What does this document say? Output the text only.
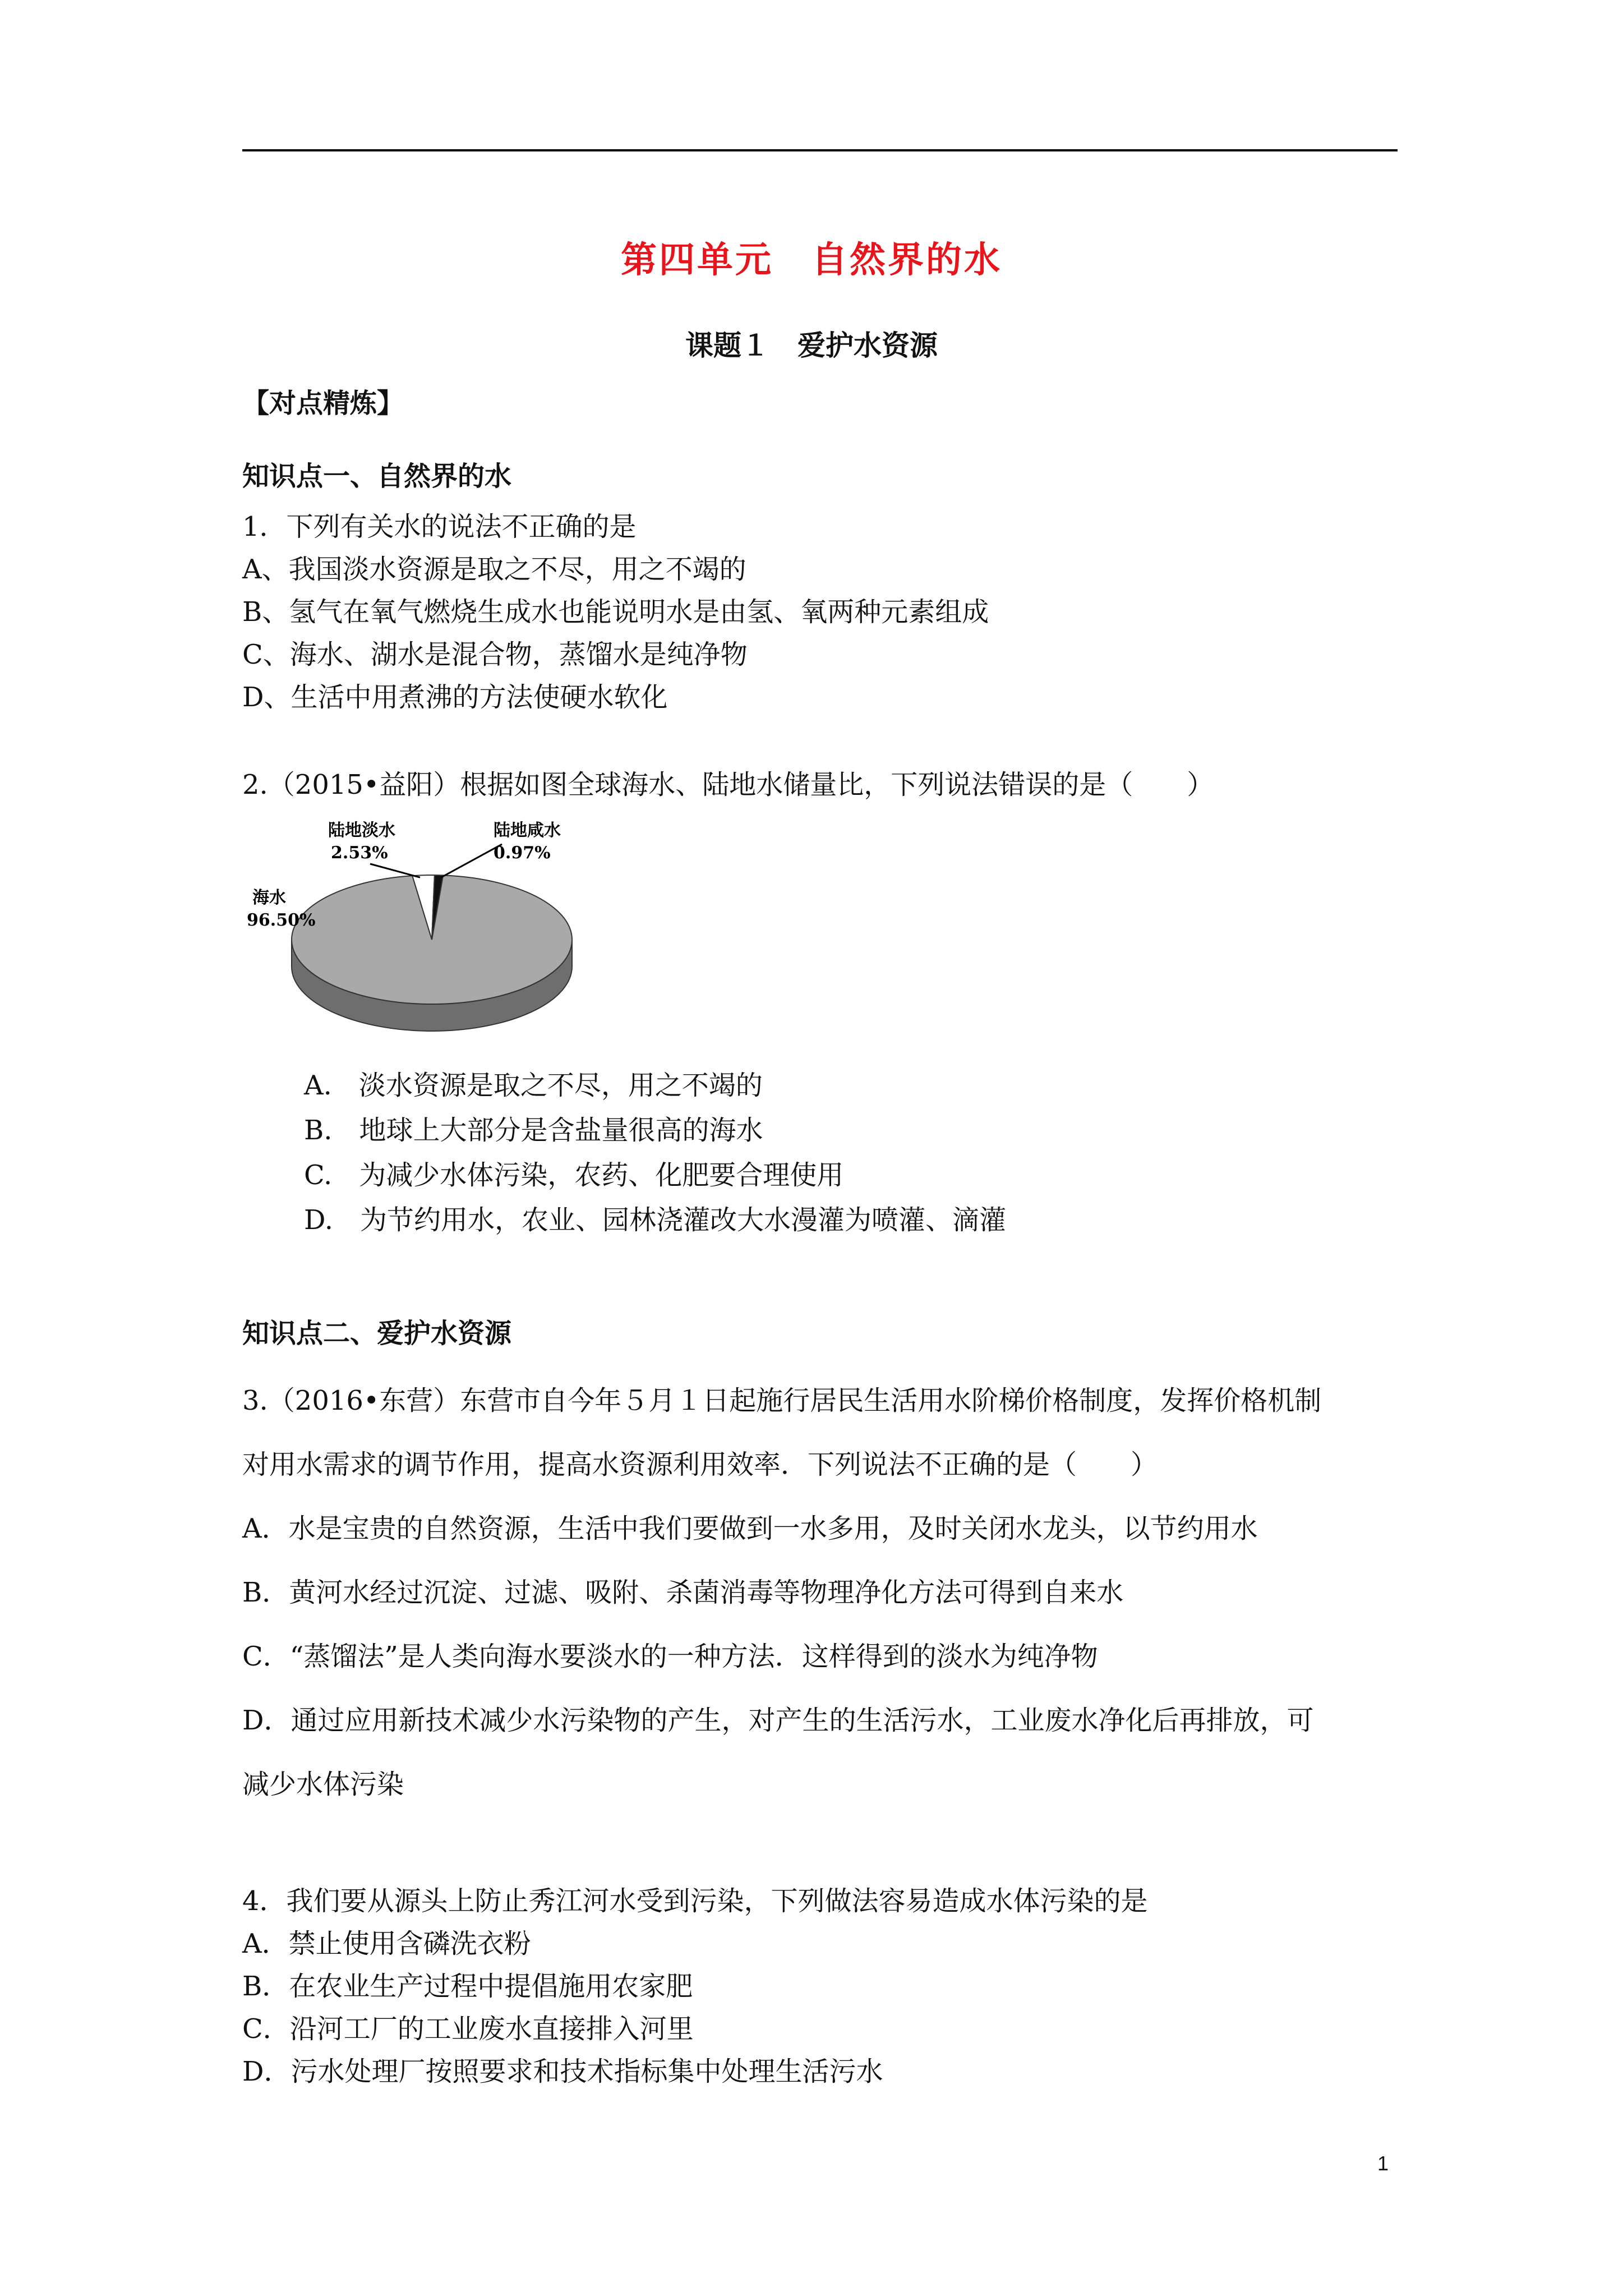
第四单元　自然界的水
课题１　爱护水资源
【对点精炼】
知识点一、自然界的水
1．下列有关水的说法不正确的是
A、我国淡水资源是取之不尽，用之不竭的
B、氢气在氧气燃烧生成水也能说明水是由氢、氧两种元素组成
C、海水、湖水是混合物，蒸馏水是纯净物
D、生活中用煮沸的方法使硬水软化
2.（2015•益阳）根据如图全球海水、陆地水储量比，下列说法错误的是（　　）
海水
96.50%
陆地淡水
2.53%
陆地咸水
0.97%
A.　淡水资源是取之不尽，用之不竭的
B.　地球上大部分是含盐量很高的海水
C.　为减少水体污染，农药、化肥要合理使用
D.　为节约用水，农业、园林浇灌改大水漫灌为喷灌、滴灌
知识点二、爱护水资源
3.（2016•东营）东营市自今年５月１日起施行居民生活用水阶梯价格制度，发挥价格机制
对用水需求的调节作用，提高水资源利用效率．下列说法不正确的是（　　）
A．水是宝贵的自然资源，生活中我们要做到一水多用，及时关闭水龙头，以节约用水
B．黄河水经过沉淀、过滤、吸附、杀菌消毒等物理净化方法可得到自来水
C．“蒸馏法”是人类向海水要淡水的一种方法．这样得到的淡水为纯净物
D．通过应用新技术减少水污染物的产生，对产生的生活污水，工业废水净化后再排放，可
减少水体污染
4．我们要从源头上防止秀江河水受到污染，下列做法容易造成水体污染的是
A．禁止使用含磷洗衣粉
B．在农业生产过程中提倡施用农家肥
C．沿河工厂的工业废水直接排入河里
D．污水处理厂按照要求和技术指标集中处理生活污水
1
